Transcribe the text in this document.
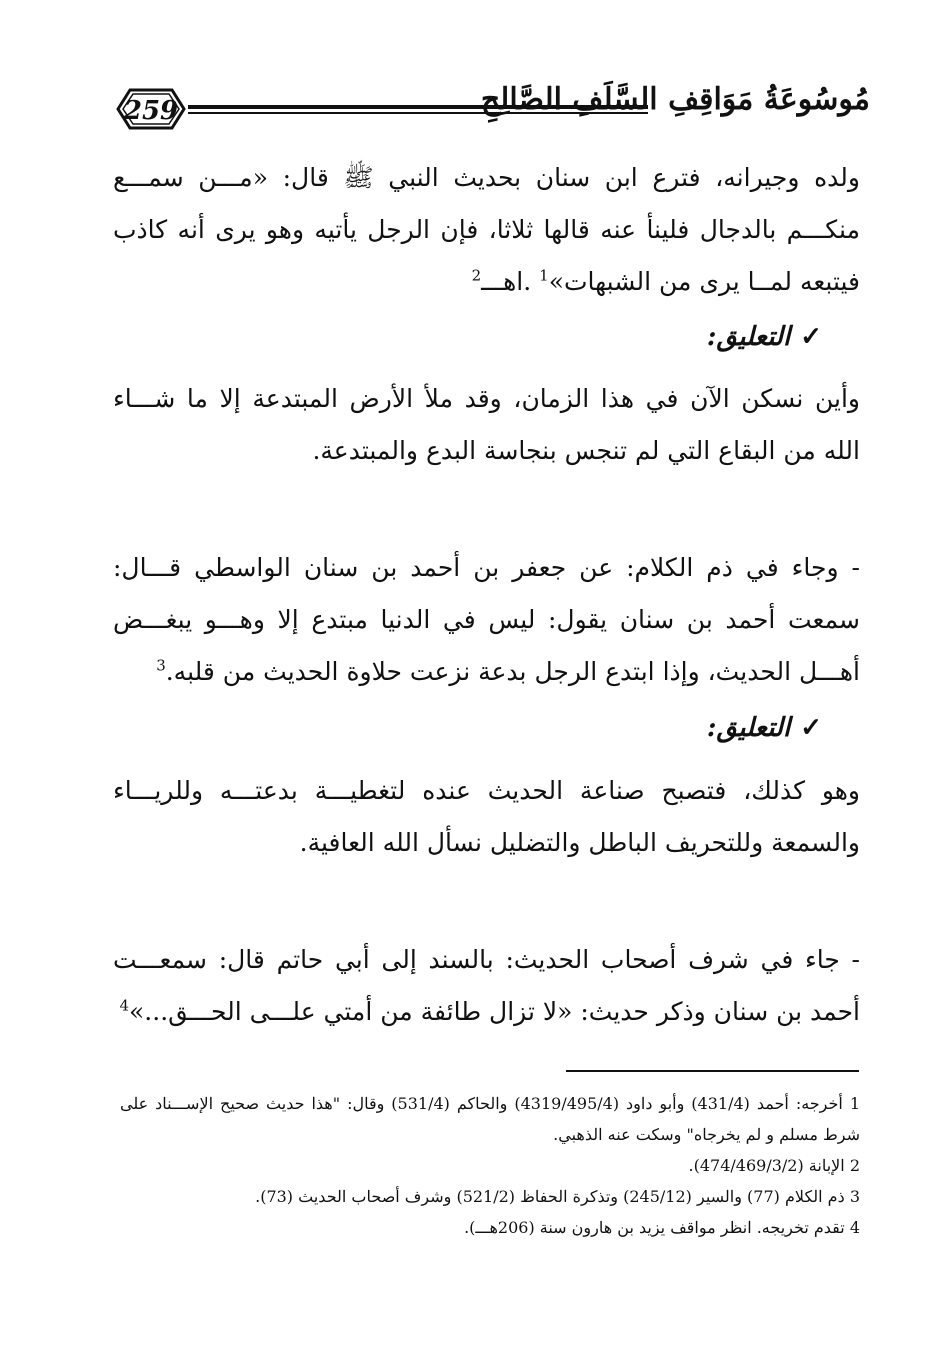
259	مُوسُوعَةُ مَوَاقِفِ السَّلَفِ الصَّالِحِ

ولده وجيرانه، فترع ابن سنان بحديث النبي ﷺ قال: «مـــن سمـــع منكـــم بالدجال فلينأ عنه قالها ثلاثا، فإن الرجل يأتيه وهو يرى أنه كاذب فيتبعه لمــا يرى من الشبهات»$^1$ .اهـــ$^2$

✓التعليق:

وأين نسكن الآن في هذا الزمان، وقد ملأ الأرض المبتدعة إلا ما شـــاء الله من البقاع التي لم تنجس بنجاسة البدع والمبتدعة.

- وجاء في ذم الكلام: عن جعفر بن أحمد بن سنان الواسطي قـــال: سمعت أحمد بن سنان يقول: ليس في الدنيا مبتدع إلا وهـــو يبغـــض أهـــل الحديث، وإذا ابتدع الرجل بدعة نزعت حلاوة الحديث من قلبه.$^3$

✓التعليق:

وهو كذلك، فتصبح صناعة الحديث عنده لتغطيـــة بدعتـــه وللريـــاء والسمعة وللتحريف الباطل والتضليل نسأل الله العافية.

- جاء في شرف أصحاب الحديث: بالسند إلى أبي حاتم قال: سمعـــت أحمد بن سنان وذكر حديث: «لا تزال طائفة من أمتي علـــى الحـــق...»$^4$

1 أخرجه: أحمد (431/4) وأبو داود (4319/495/4) والحاكم (531/4) وقال: "هذا حديث صحيح الإســـناد على شرط مسلم و لم يخرجاه" وسكت عنه الذهبي.

2 الإبانة (474/469/3/2).

3 ذم الكلام (77) والسير (245/12) وتذكرة الحفاظ (521/2) وشرف أصحاب الحديث (73).

4 تقدم تخريجه. انظر مواقف يزيد بن هارون سنة (206هـــ).
